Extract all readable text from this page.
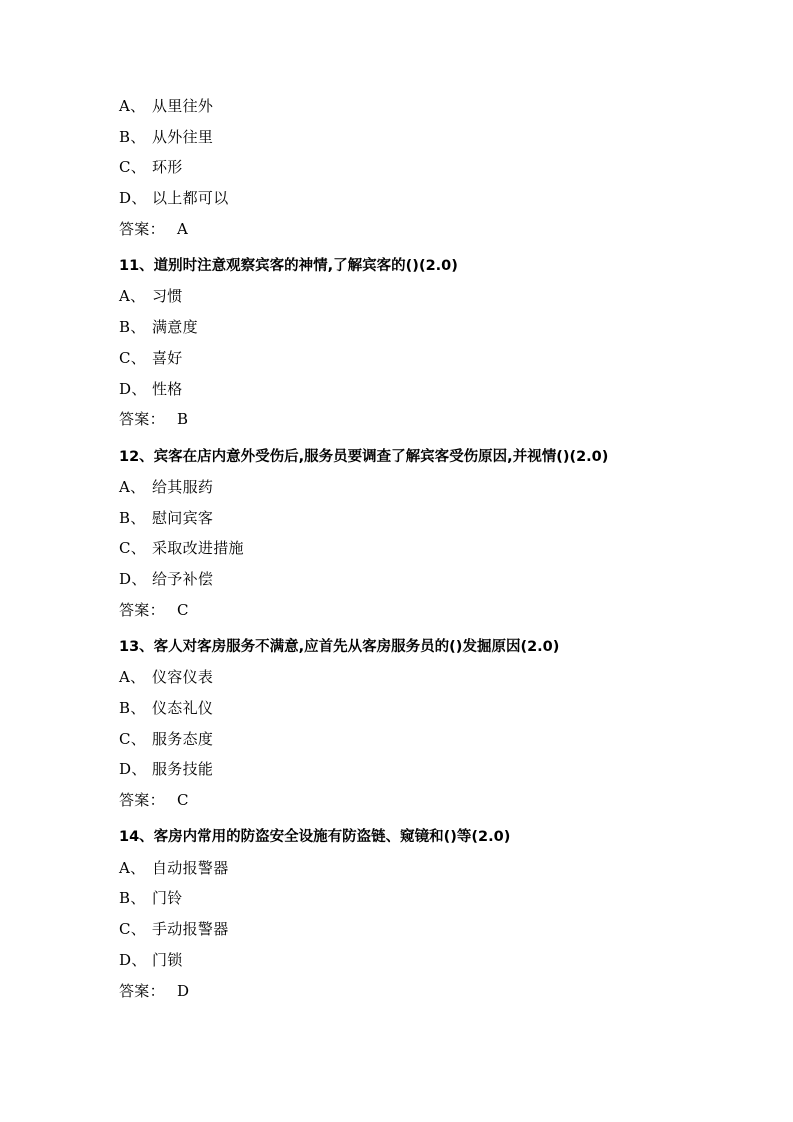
A、 从里往外
B、 从外往里
C、 环形
D、 以上都可以
答案： A
11、道别时注意观察宾客的神情,了解宾客的()(2.0)
A、 习惯
B、 满意度
C、 喜好
D、 性格
答案： B
12、宾客在店内意外受伤后,服务员要调查了解宾客受伤原因,并视情()(2.0)
A、 给其服药
B、 慰问宾客
C、 采取改进措施
D、 给予补偿
答案： C
13、客人对客房服务不满意,应首先从客房服务员的()发掘原因(2.0)
A、 仪容仪表
B、 仪态礼仪
C、 服务态度
D、 服务技能
答案： C
14、客房内常用的防盗安全设施有防盗链、窥镜和()等(2.0)
A、 自动报警器
B、 门铃
C、 手动报警器
D、 门锁
答案： D
